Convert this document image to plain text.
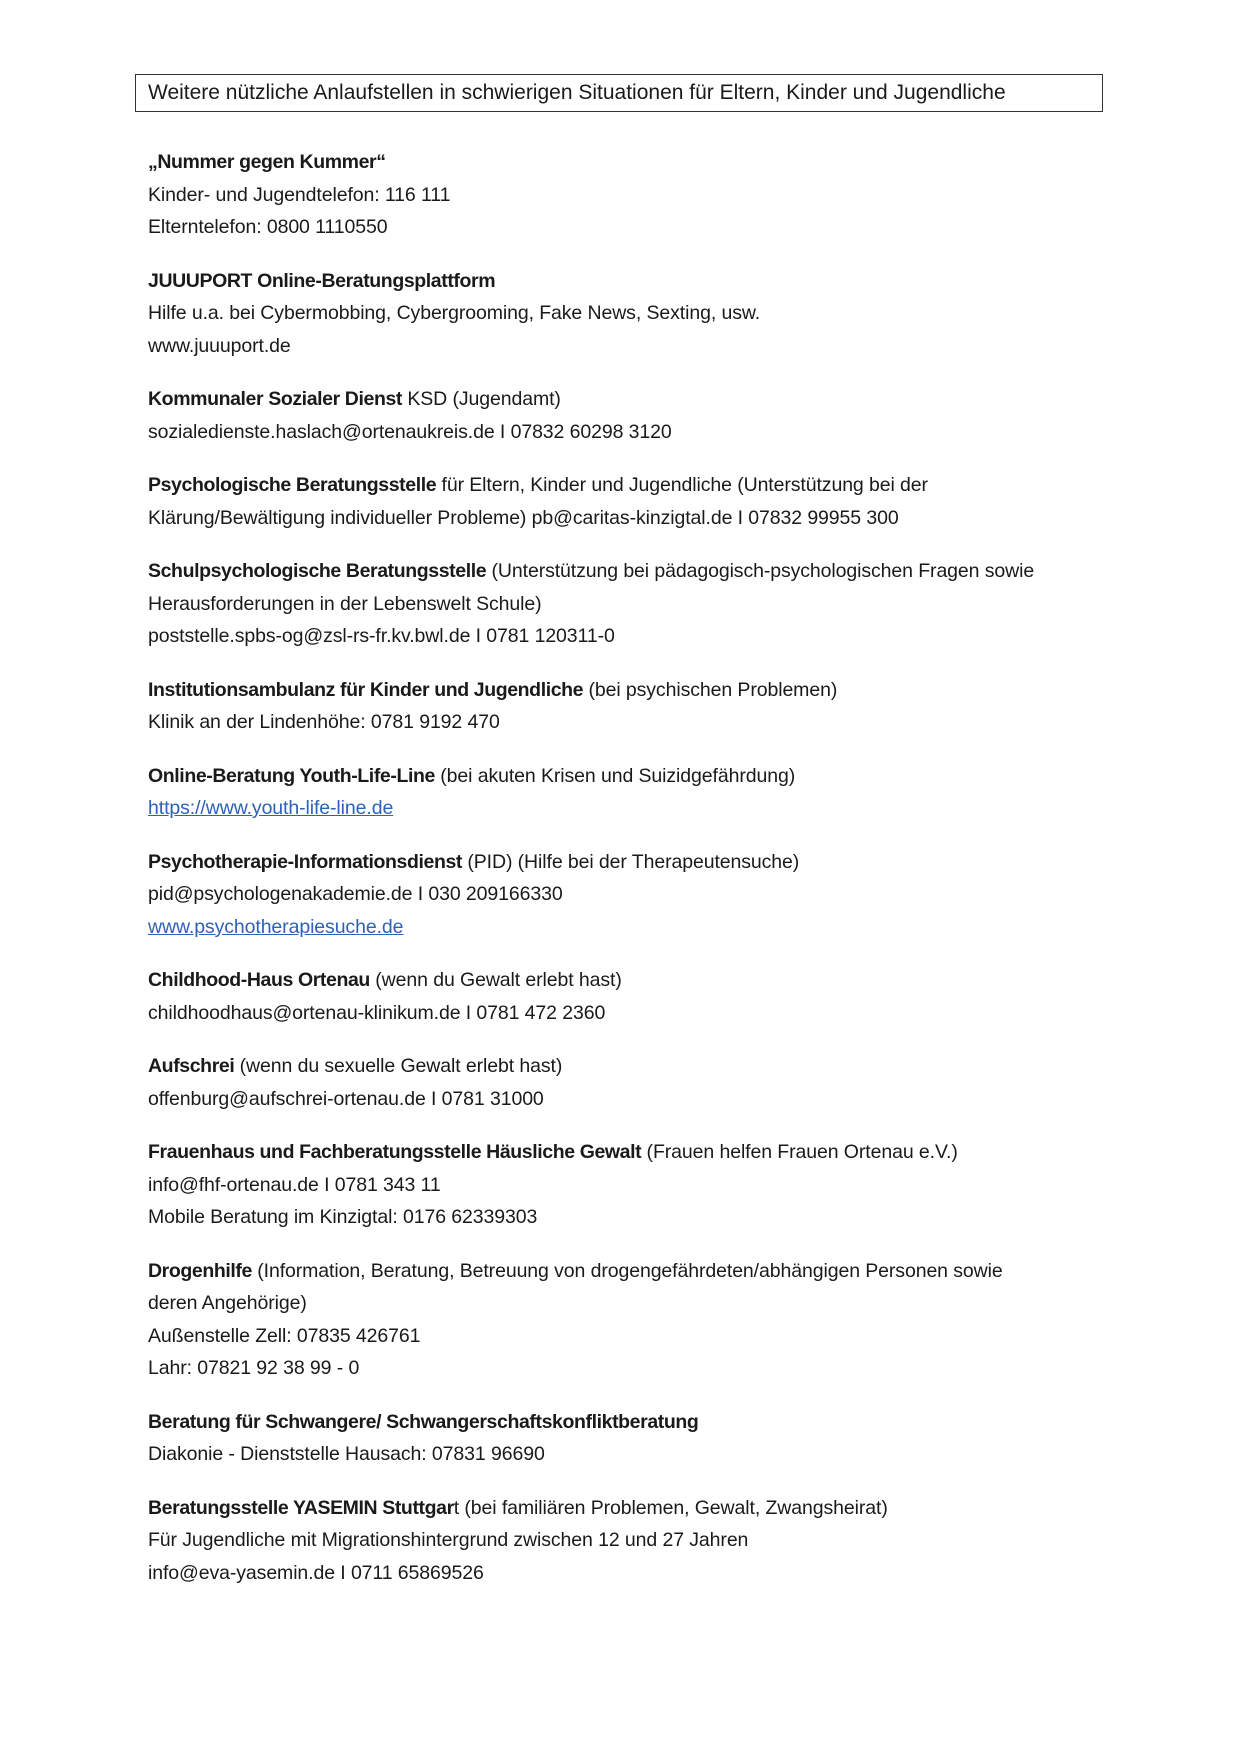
Weitere nützliche Anlaufstellen in schwierigen Situationen für Eltern, Kinder und Jugendliche
„Nummer gegen Kummer“
Kinder- und Jugendtelefon: 116 111
Elterntelefon: 0800 1110550
JUUUPORT Online-Beratungsplattform
Hilfe u.a. bei Cybermobbing, Cybergrooming, Fake News, Sexting, usw.
www.juuuport.de
Kommunaler Sozialer Dienst KSD (Jugendamt)
sozialedienste.haslach@ortenaukreis.de I 07832 60298 3120
Psychologische Beratungsstelle für Eltern, Kinder und Jugendliche (Unterstützung bei der
Klärung/Bewältigung individueller Probleme) pb@caritas-kinzigtal.de I 07832 99955 300
Schulpsychologische Beratungsstelle (Unterstützung bei pädagogisch-psychologischen Fragen sowie
Herausforderungen in der Lebenswelt Schule)
poststelle.spbs-og@zsl-rs-fr.kv.bwl.de I 0781 120311-0
Institutionsambulanz für Kinder und Jugendliche (bei psychischen Problemen)
Klinik an der Lindenhöhe: 0781 9192 470
Online-Beratung Youth-Life-Line (bei akuten Krisen und Suizidgefährdung)
https://www.youth-life-line.de
Psychotherapie-Informationsdienst (PID) (Hilfe bei der Therapeutensuche)
pid@psychologenakademie.de I 030 209166330
www.psychotherapiesuche.de
Childhood-Haus Ortenau (wenn du Gewalt erlebt hast)
childhoodhaus@ortenau-klinikum.de I 0781 472 2360
Aufschrei (wenn du sexuelle Gewalt erlebt hast)
offenburg@aufschrei-ortenau.de I 0781 31000
Frauenhaus und Fachberatungsstelle Häusliche Gewalt (Frauen helfen Frauen Ortenau e.V.)
info@fhf-ortenau.de I 0781 343 11
Mobile Beratung im Kinzigtal: 0176 62339303
Drogenhilfe (Information, Beratung, Betreuung von drogengefährdeten/abhängigen Personen sowie
deren Angehörige)
Außenstelle Zell: 07835 426761
Lahr: 07821 92 38 99 - 0
Beratung für Schwangere/ Schwangerschaftskonfliktberatung
Diakonie - Dienststelle Hausach: 07831 96690
Beratungsstelle YASEMIN Stuttgart (bei familiären Problemen, Gewalt, Zwangsheirat)
Für Jugendliche mit Migrationshintergrund zwischen 12 und 27 Jahren
info@eva-yasemin.de I 0711 65869526
